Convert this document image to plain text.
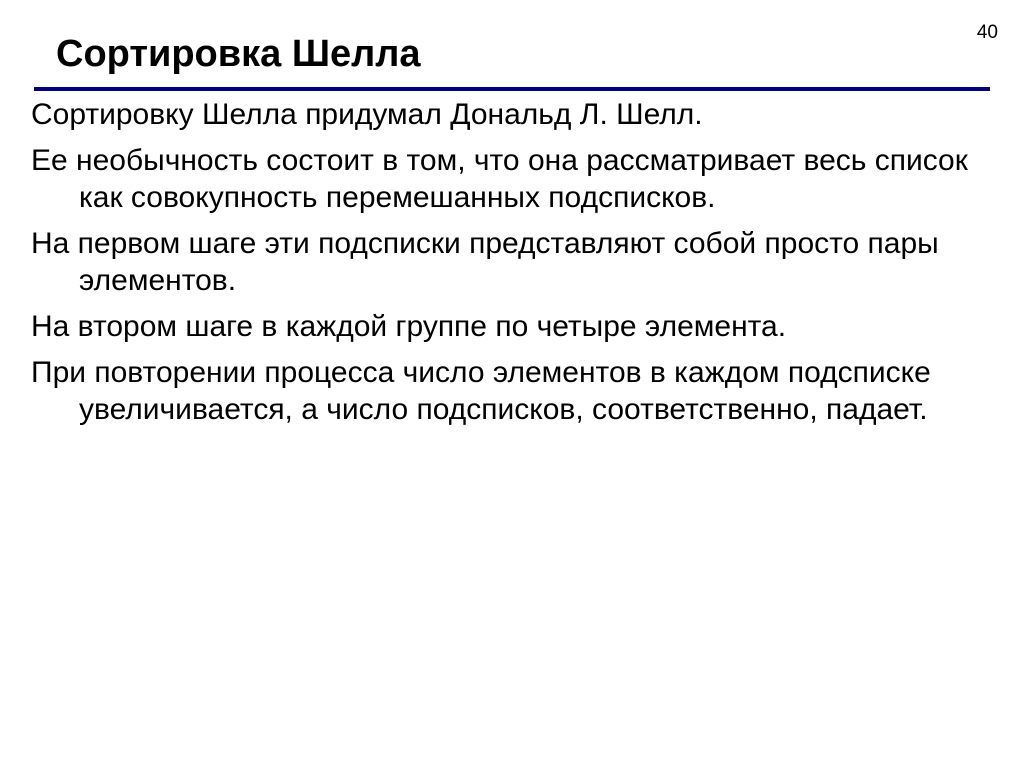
40
Сортировка Шелла
Сортировку Шелла придумал Дональд Л. Шелл.
Ее необычность состоит в том, что она рассматривает весь список как совокупность перемешанных подсписков.
На первом шаге эти подсписки представляют собой просто пары элементов.
На втором шаге в каждой группе по четыре элемента.
При повторении процесса число элементов в каждом подсписке увеличивается, а число подсписков, соответственно, падает.
